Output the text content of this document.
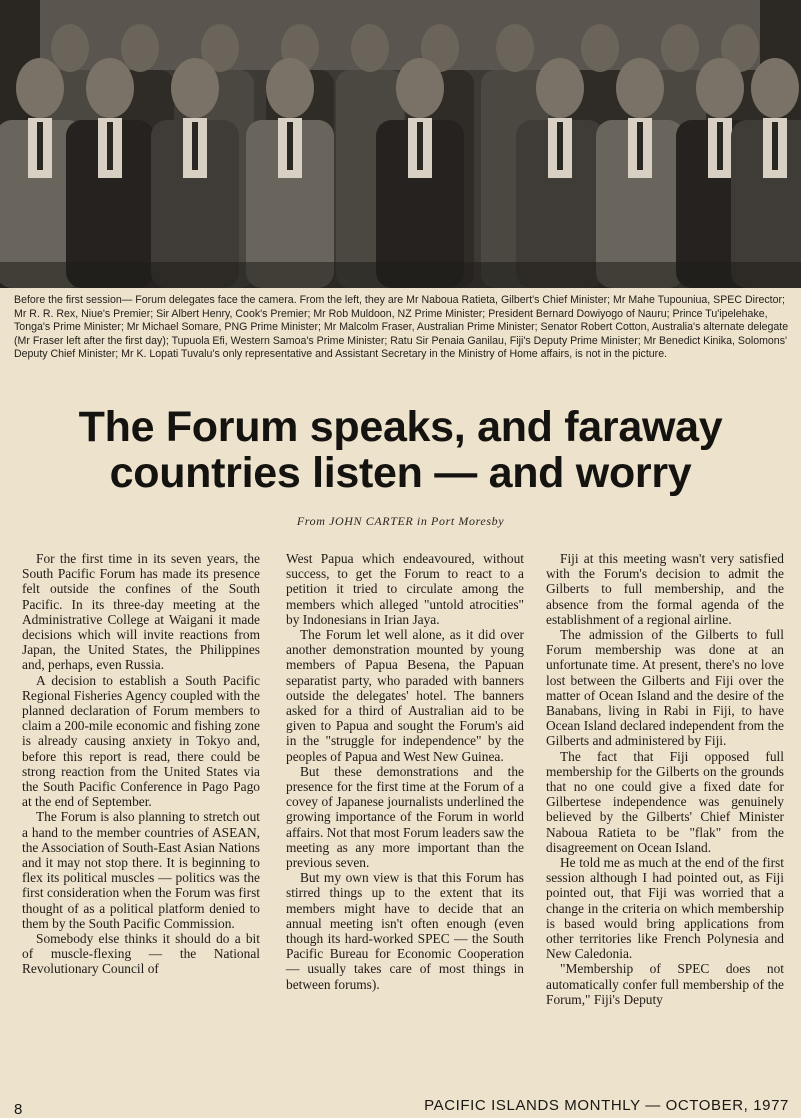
Before the first session— Forum delegates face the camera. From the left, they are Mr Naboua Ratieta, Gilbert's Chief Minister; Mr Mahe Tupouniua, SPEC Director; Mr R. R. Rex, Niue's Premier; Sir Albert Henry, Cook's Premier; Mr Rob Muldoon, NZ Prime Minister; President Bernard Dowiyogo of Nauru; Prince Tu'ipelehake, Tonga's Prime Minister; Mr Michael Somare, PNG Prime Minister; Mr Malcolm Fraser, Australian Prime Minister; Senator Robert Cotton, Australia's alternate delegate (Mr Fraser left after the first day); Tupuola Efi, Western Samoa's Prime Minister; Ratu Sir Penaia Ganilau, Fiji's Deputy Prime Minister; Mr Benedict Kinika, Solomons' Deputy Chief Minister; Mr K. Lopati Tuvalu's only representative and Assistant Secretary in the Ministry of Home affairs, is not in the picture.
The Forum speaks, and faraway
countries listen — and worry
From JOHN CARTER in Port Moresby

For the first time in its seven years, the South Pacific Forum has made its presence felt outside the confines of the South Pacific. In its three-day meeting at the Administrative College at Waigani it made decisions which will invite reactions from Japan, the United States, the Philippines and, perhaps, even Russia.

A decision to establish a South Pacific Regional Fisheries Agency coupled with the planned declaration of Forum members to claim a 200-mile economic and fishing zone is already causing anxiety in Tokyo and, before this report is read, there could be strong reaction from the United States via the South Pacific Conference in Pago Pago at the end of September.

The Forum is also planning to stretch out a hand to the member countries of ASEAN, the Association of South-East Asian Nations and it may not stop there. It is beginning to flex its political muscles — politics was the first consideration when the Forum was first thought of as a political platform denied to them by the South Pacific Commission.

Somebody else thinks it should do a bit of muscle-flexing — the National Revolutionary Council of

West Papua which endeavoured, without success, to get the Forum to react to a petition it tried to circulate among the members which alleged "untold atrocities" by Indonesians in Irian Jaya.

The Forum let well alone, as it did over another demonstration mounted by young members of Papua Besena, the Papuan separatist party, who paraded with banners outside the delegates' hotel. The banners asked for a third of Australian aid to be given to Papua and sought the Forum's aid in the "struggle for independence" by the peoples of Papua and West New Guinea.

But these demonstrations and the presence for the first time at the Forum of a covey of Japanese journalists underlined the growing importance of the Forum in world affairs. Not that most Forum leaders saw the meeting as any more important than the previous seven.

But my own view is that this Forum has stirred things up to the extent that its members might have to decide that an annual meeting isn't often enough (even though its hard-worked SPEC — the South Pacific Bureau for Economic Cooperation — usually takes care of most things in between forums).

Fiji at this meeting wasn't very satisfied with the Forum's decision to admit the Gilberts to full membership, and the absence from the formal agenda of the establishment of a regional airline.

The admission of the Gilberts to full Forum membership was done at an unfortunate time. At present, there's no love lost between the Gilberts and Fiji over the matter of Ocean Island and the desire of the Banabans, living in Rabi in Fiji, to have Ocean Island declared independent from the Gilberts and administered by Fiji.

The fact that Fiji opposed full membership for the Gilberts on the grounds that no one could give a fixed date for Gilbertese independence was genuinely believed by the Gilberts' Chief Minister Naboua Ratieta to be "flak" from the disagreement on Ocean Island.

He told me as much at the end of the first session although I had pointed out, as Fiji pointed out, that Fiji was worried that a change in the criteria on which membership is based would bring applications from other territories like French Polynesia and New Caledonia.

"Membership of SPEC does not automatically confer full membership of the Forum," Fiji's Deputy

8	PACIFIC ISLANDS MONTHLY — OCTOBER, 1977
